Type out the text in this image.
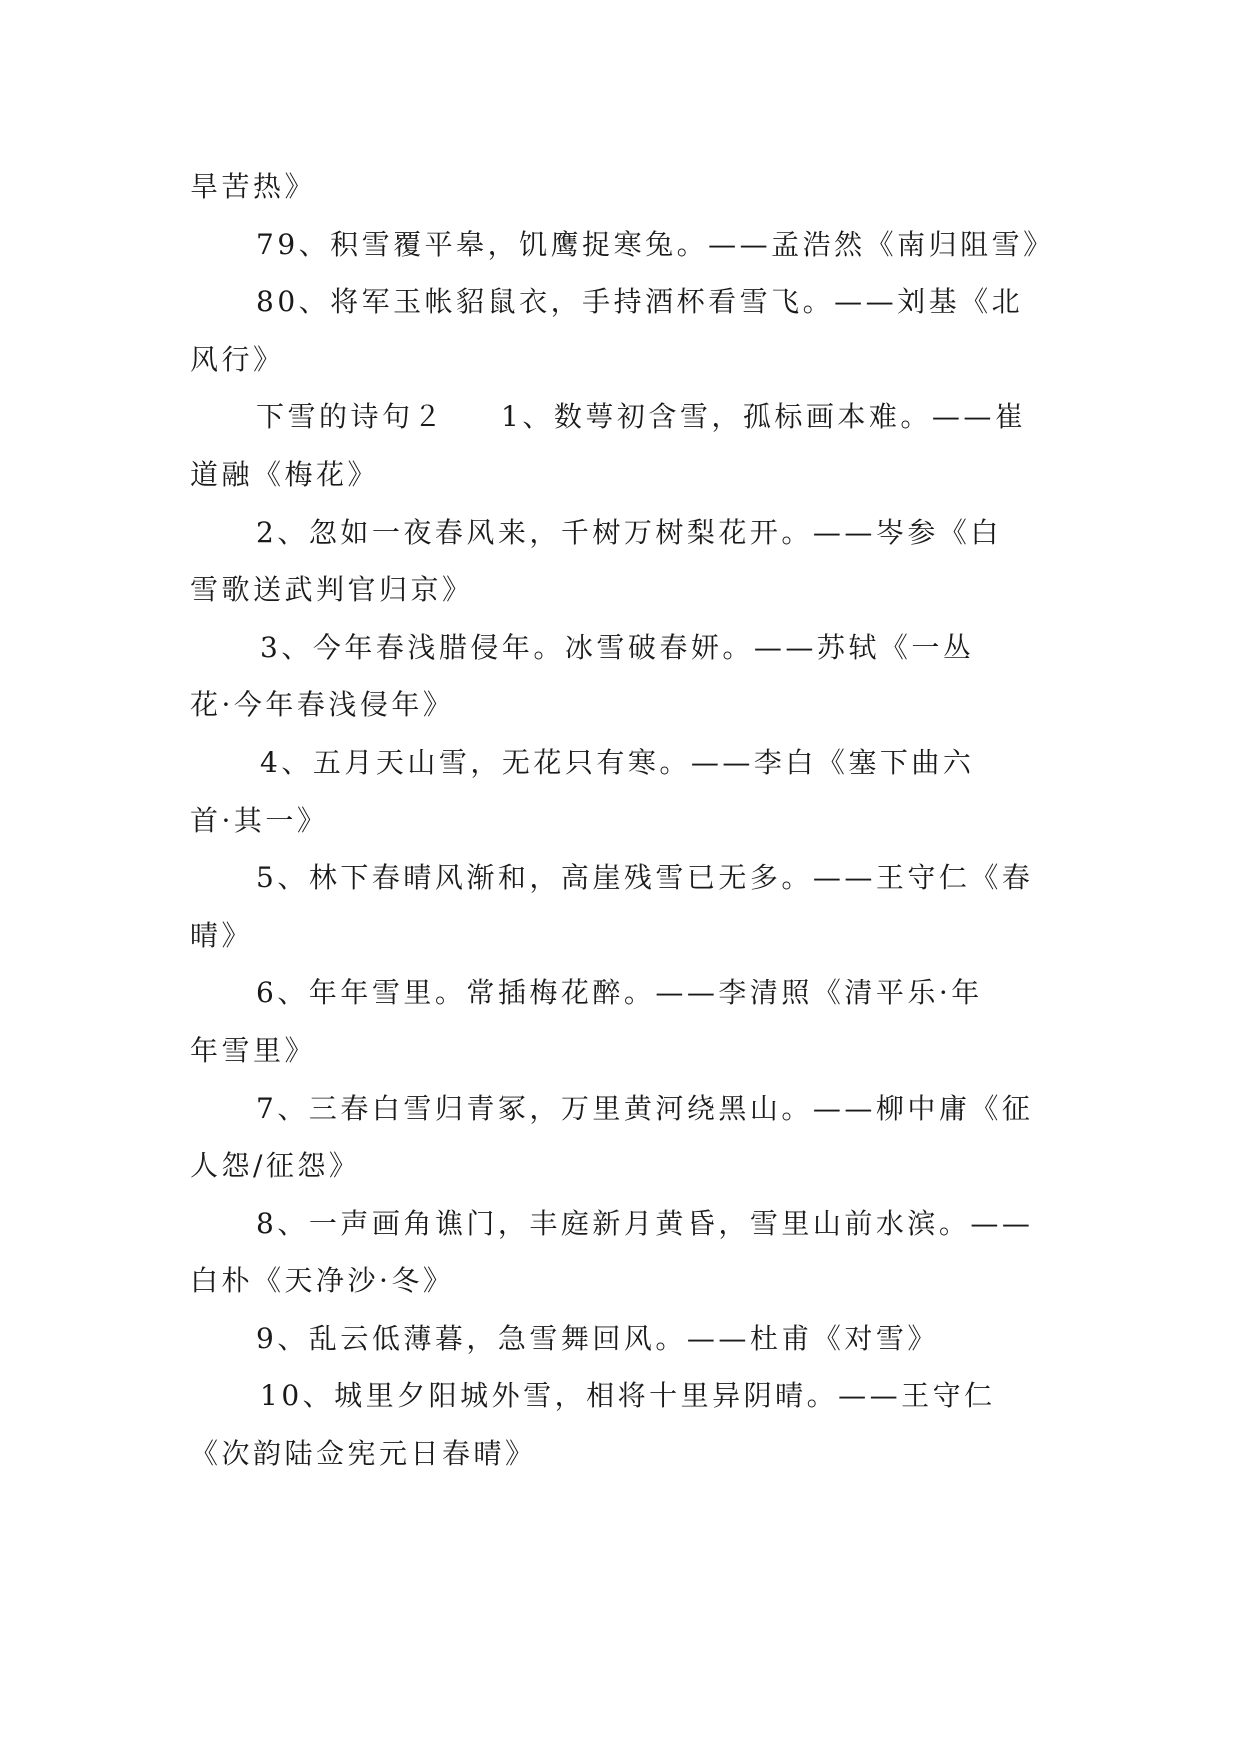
旱苦热》

79、积雪覆平皋，饥鹰捉寒兔。——孟浩然《南归阻雪》

80、将军玉帐貂鼠衣，手持酒杯看雪飞。——刘基《北

风行》

下雪的诗句２ 1、数萼初含雪，孤标画本难。——崔

道融《梅花》

2、忽如一夜春风来，千树万树梨花开。——岑参《白

雪歌送武判官归京》

3、今年春浅腊侵年。冰雪破春妍。——苏轼《一丛

花·今年春浅侵年》

4、五月天山雪，无花只有寒。——李白《塞下曲六

首·其一》

5、林下春晴风渐和，高崖残雪已无多。——王守仁《春

晴》

6、年年雪里。常插梅花醉。——李清照《清平乐·年

年雪里》

7、三春白雪归青冢，万里黄河绕黑山。——柳中庸《征

人怨/征怨》

8、一声画角谯门，丰庭新月黄昏，雪里山前水滨。——

白朴《天净沙·冬》

9、乱云低薄暮，急雪舞回风。——杜甫《对雪》

10、城里夕阳城外雪，相将十里异阴晴。——王守仁

《次韵陆佥宪元日春晴》
